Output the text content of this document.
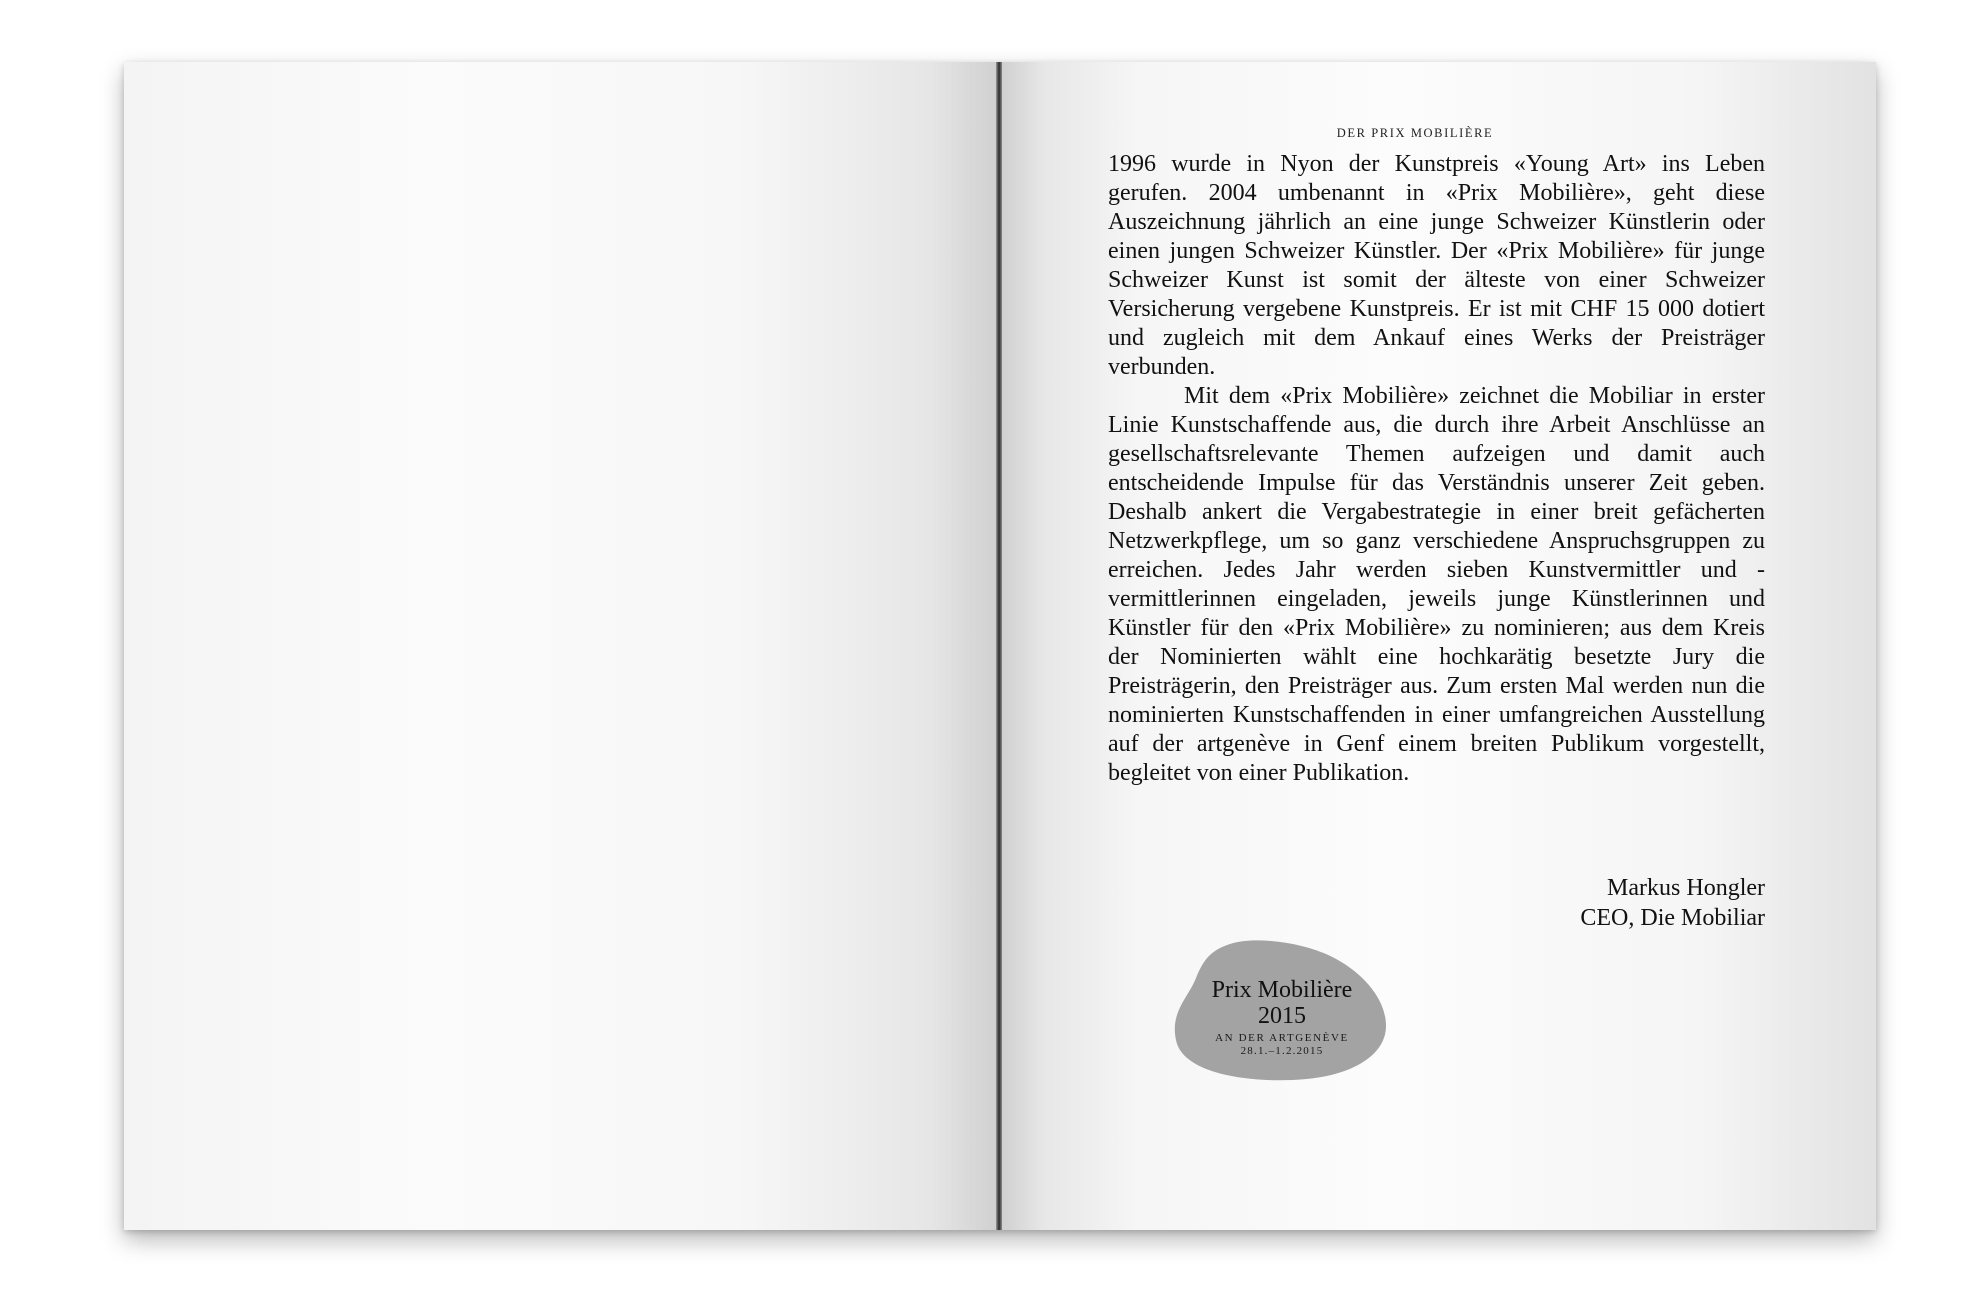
DER PRIX MOBILIÈRE

1996 wurde in Nyon der Kunstpreis «Young Art» ins Leben gerufen. 2004 umbenannt in «Prix Mobilière», geht diese Auszeichnung jährlich an eine junge Schweizer Künstlerin oder einen jungen Schweizer Künstler. Der «Prix Mobilière» für junge Schweizer Kunst ist somit der älteste von einer Schweizer Versicherung vergebene Kunstpreis. Er ist mit CHF 15 000 dotiert und zugleich mit dem Ankauf eines Werks der Preisträger verbunden.

Mit dem «Prix Mobilière» zeichnet die Mobiliar in erster Linie Kunstschaffende aus, die durch ihre Arbeit Anschlüsse an gesellschaftsrelevante Themen aufzeigen und damit auch entscheidende Impulse für das Verständnis unserer Zeit geben. Deshalb ankert die Vergabestrategie in einer breit gefächerten Netzwerkpflege, um so ganz verschiedene Anspruchsgruppen zu erreichen. Jedes Jahr werden sieben Kunstvermittler und -vermittlerinnen eingeladen, jeweils junge Künstlerinnen und Künstler für den «Prix Mobilière» zu nominieren; aus dem Kreis der Nominierten wählt eine hochkarätig besetzte Jury die Preisträgerin, den Preisträger aus. Zum ersten Mal werden nun die nominierten Kunstschaffenden in einer umfangreichen Ausstellung auf der artgenève in Genf einem breiten Publikum vorgestellt, begleitet von einer Publikation.

Markus Hongler
CEO, Die Mobiliar
Prix Mobilière
2015
AN DER ARTGENÈVE
28.1.–1.2.2015
